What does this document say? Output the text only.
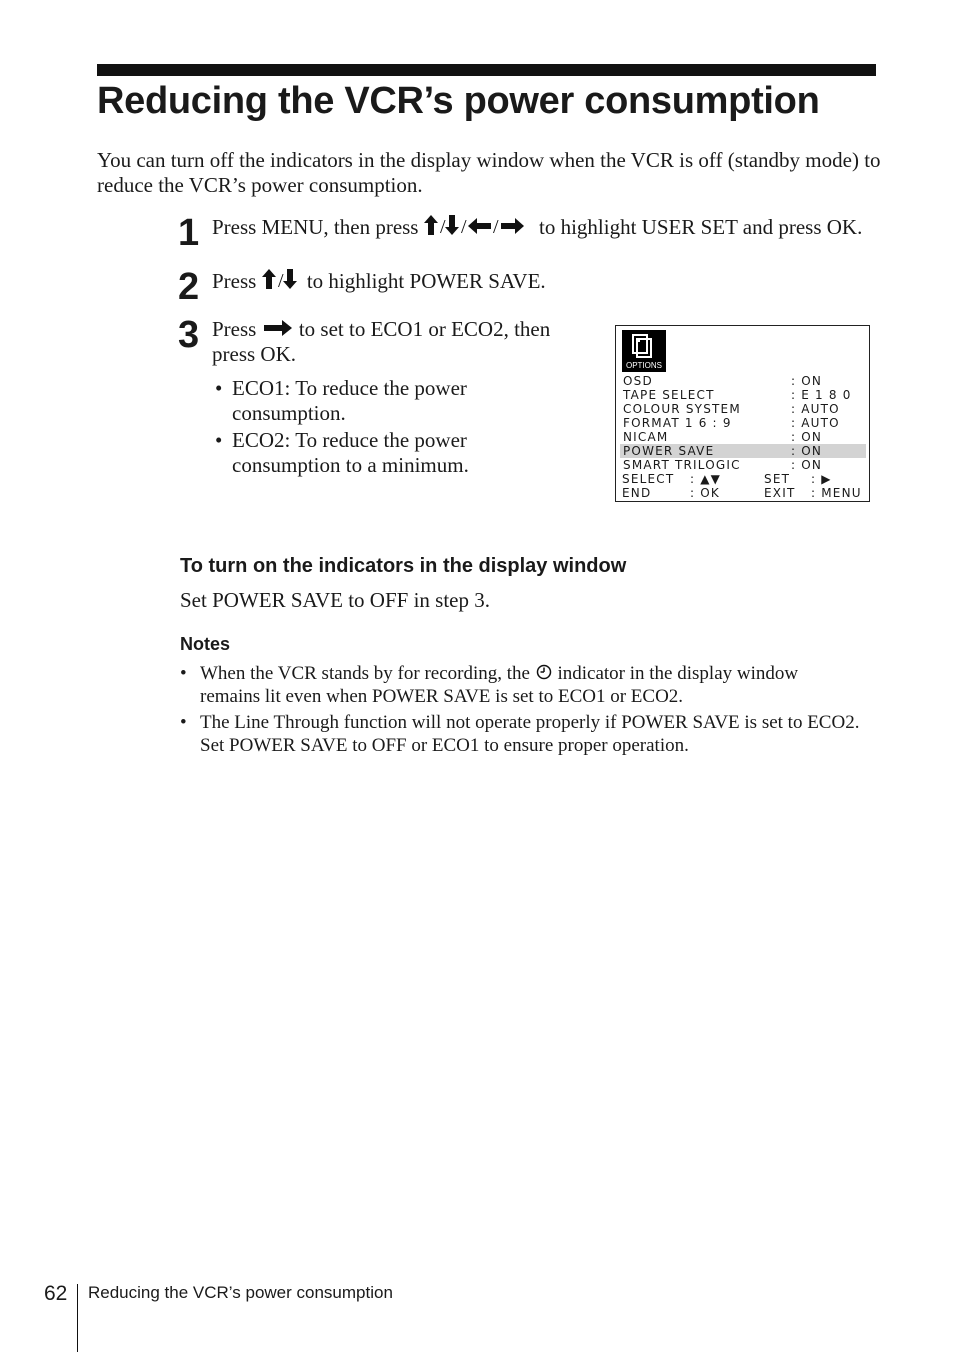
Reducing the VCR’s power consumption

You can turn off the indicators in the display window when the VCR is off (standby mode) to reduce the VCR’s power consumption.

1 Press MENU, then press / / / to highlight USER SET and press OK.

2 Press / to highlight POWER SAVE.

3 Press  to set to ECO1 or ECO2, then press OK.

• ECO1: To reduce the power consumption.
• ECO2: To reduce the power consumption to a minimum.
OPTIONS
OSD	: ON
TAPE SELECT	: E 1 8 0
COLOUR SYSTEM	: AUTO
FORMAT 1 6 : 9	: AUTO
NICAM	: ON
POWER SAVE	: ON
SMART TRILOGIC	: ON
SELECT : ▲▼	SET : ▶
END	: OK	EXIT : MENU
To turn on the indicators in the display window

Set POWER SAVE to OFF in step 3.

Notes
• When the VCR stands by for recording, the  indicator in the display window remains lit even when POWER SAVE is set to ECO1 or ECO2.
• The Line Through function will not operate properly if POWER SAVE is set to ECO2. Set POWER SAVE to OFF or ECO1 to ensure proper operation.
62 Reducing the VCR’s power consumption
